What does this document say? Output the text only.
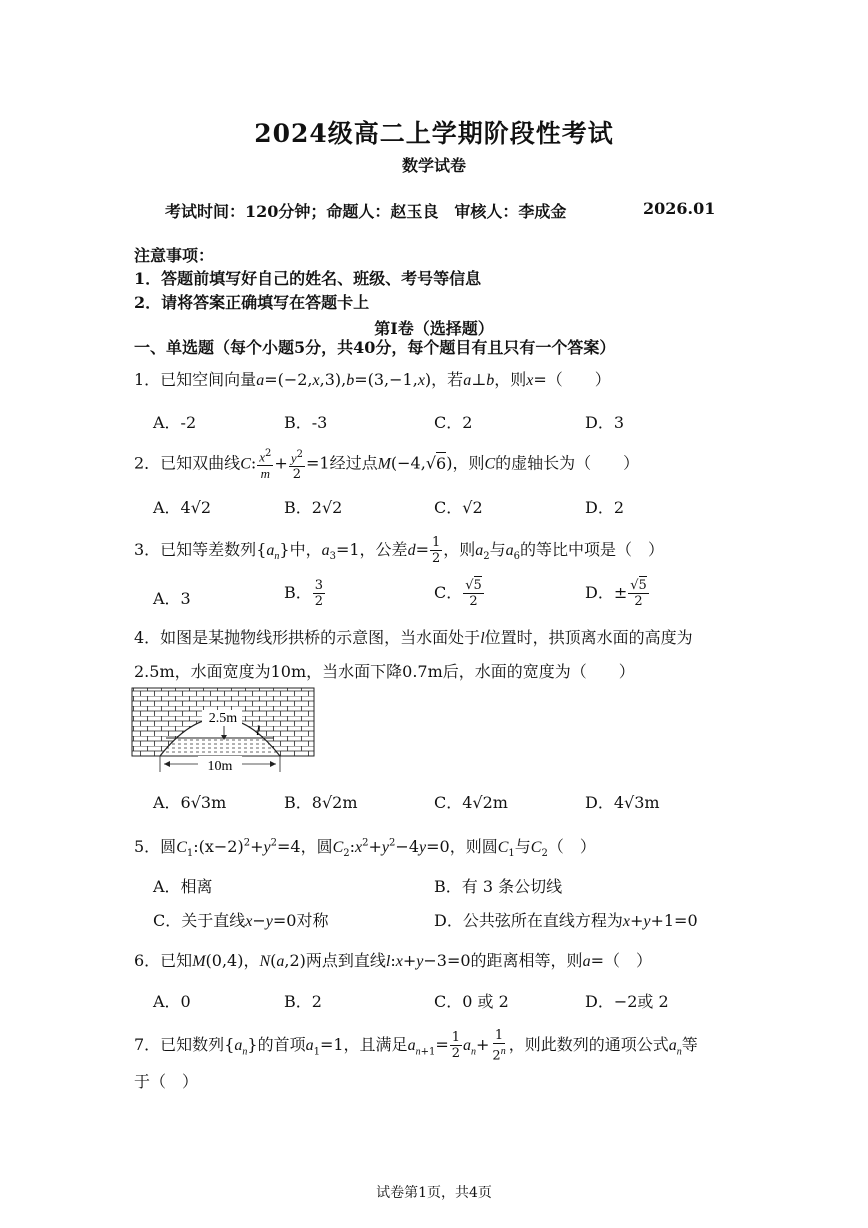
2024级高二上学期阶段性考试
数学试卷
考试时间：120分钟；命题人：赵玉良　审核人：李成金	2026.01
注意事项：
1．答题前填写好自己的姓名、班级、考号等信息
2．请将答案正确填写在答题卡上
第Ⅰ卷（选择题）
一、单选题（每个小题5分，共40分，每个题目有且只有一个答案）
1．已知空间向量a=(−2,x,3),b=(3,−1,x)，若a⊥b，则x=（　　）
A．-2	B．-3	C．2	D．3
2．已知双曲线C: $\frac{x^2}{m} + \frac{y^2}{2} =1$经过点M(−4,√6)，则C的虚轴长为（　　）
A．4√2	B．2√2	C．√2	D．2
3．已知等差数列$\{a_n\}$中，$a_3=1$，公差$d= \frac{1}{2}$ ，则$a_2$与$a_6$的等比中项是（　）
A．3	B． $\frac{3}{2}$	C． $\frac{√5}{2}$	D．± $\frac{√5}{2}$
4．如图是某抛物线形拱桥的示意图，当水面处于l位置时，拱顶离水面的高度为
2.5m，水面宽度为10m，当水面下降0.7m后，水面的宽度为（　　）
2.5m
10m
l
A．6√3m	B．8√2m	C．4√2m	D．4√3m
5．圆$C_1:(x-2)^2+y^2=4$，圆$C_2:x^2+y^2-4y=0$，则圆$C_1$与$C_2$（　）
A．相离	B．有 3 条公切线
C．关于直线x−y=0对称	D．公共弦所在直线方程为x+y+1=0
6．已知M(0,4)，N(a,2)两点到直线l:x+y−3=0的距离相等，则a=（　）
A．0	B．2	C．0 或 2	D．−2或 2
7．已知数列$\{a_n\}$的首项$a_1=1$，且满足$a_{n+1}= \frac{1}{2} a_n+ \frac{1}{2^n}$ ，则此数列的通项公式$a_n$等
于（　）
试卷第1页，共4页
